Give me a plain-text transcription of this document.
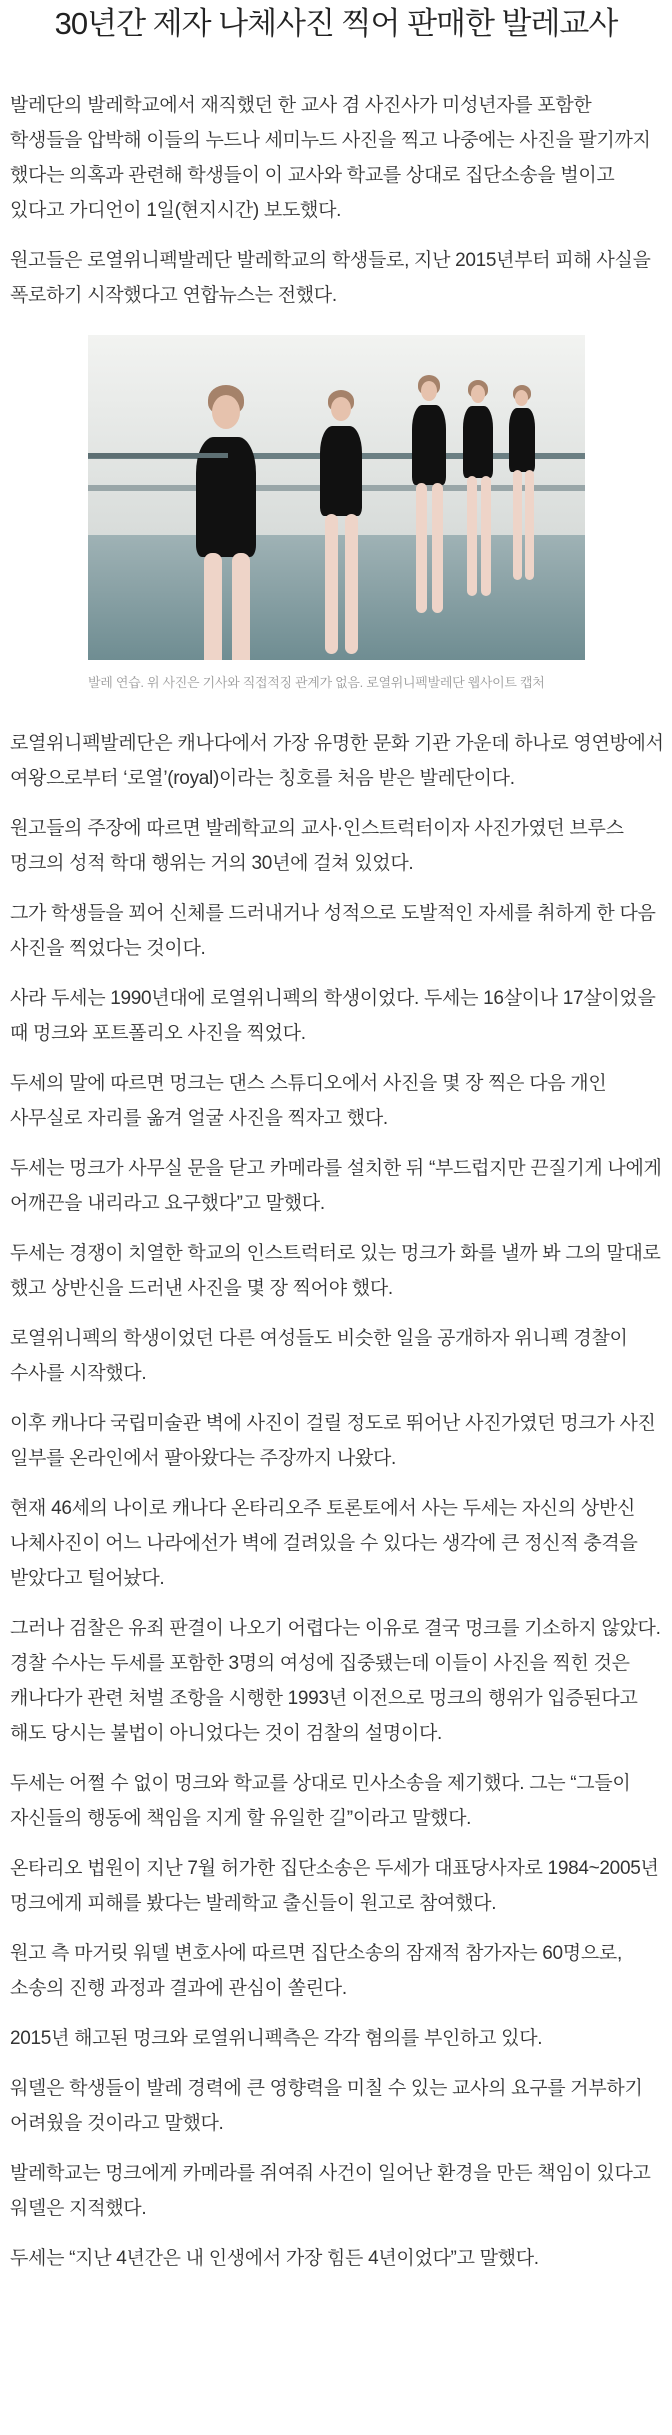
30년간 제자 나체사진 찍어 판매한 발레교사

발레단의 발레학교에서 재직했던 한 교사 겸 사진사가 미성년자를 포함한 학생들을 압박해 이들의 누드나 세미누드 사진을 찍고 나중에는 사진을 팔기까지 했다는 의혹과 관련해 학생들이 이 교사와 학교를 상대로 집단소송을 벌이고 있다고 가디언이 1일(현지시간) 보도했다.

원고들은 로열위니펙발레단 발레학교의 학생들로, 지난 2015년부터 피해 사실을 폭로하기 시작했다고 연합뉴스는 전했다.

발레 연습. 위 사진은 기사와 직접적징 관계가 없음. 로열위니펙발레단 웹사이트 캡처

로열위니펙발레단은 캐나다에서 가장 유명한 문화 기관 가운데 하나로 영연방에서 여왕으로부터 ‘로열’(royal)이라는 칭호를 처음 받은 발레단이다.

원고들의 주장에 따르면 발레학교의 교사·인스트럭터이자 사진가였던 브루스 멍크의 성적 학대 행위는 거의 30년에 걸쳐 있었다.

그가 학생들을 꾀어 신체를 드러내거나 성적으로 도발적인 자세를 취하게 한 다음 사진을 찍었다는 것이다.

사라 두세는 1990년대에 로열위니펙의 학생이었다. 두세는 16살이나 17살이었을 때 멍크와 포트폴리오 사진을 찍었다.

두세의 말에 따르면 멍크는 댄스 스튜디오에서 사진을 몇 장 찍은 다음 개인 사무실로 자리를 옮겨 얼굴 사진을 찍자고 했다.

두세는 멍크가 사무실 문을 닫고 카메라를 설치한 뒤 “부드럽지만 끈질기게 나에게 어깨끈을 내리라고 요구했다”고 말했다.

두세는 경쟁이 치열한 학교의 인스트럭터로 있는 멍크가 화를 낼까 봐 그의 말대로 했고 상반신을 드러낸 사진을 몇 장 찍어야 했다.

로열위니펙의 학생이었던 다른 여성들도 비슷한 일을 공개하자 위니펙 경찰이 수사를 시작했다.

이후 캐나다 국립미술관 벽에 사진이 걸릴 정도로 뛰어난 사진가였던 멍크가 사진 일부를 온라인에서 팔아왔다는 주장까지 나왔다.

현재 46세의 나이로 캐나다 온타리오주 토론토에서 사는 두세는 자신의 상반신 나체사진이 어느 나라에선가 벽에 걸려있을 수 있다는 생각에 큰 정신적 충격을 받았다고 털어놨다.

그러나 검찰은 유죄 판결이 나오기 어렵다는 이유로 결국 멍크를 기소하지 않았다. 경찰 수사는 두세를 포함한 3명의 여성에 집중됐는데 이들이 사진을 찍힌 것은 캐나다가 관련 처벌 조항을 시행한 1993년 이전으로 멍크의 행위가 입증된다고 해도 당시는 불법이 아니었다는 것이 검찰의 설명이다.

두세는 어쩔 수 없이 멍크와 학교를 상대로 민사소송을 제기했다. 그는 “그들이 자신들의 행동에 책임을 지게 할 유일한 길”이라고 말했다.

온타리오 법원이 지난 7월 허가한 집단소송은 두세가 대표당사자로 1984~2005년 멍크에게 피해를 봤다는 발레학교 출신들이 원고로 참여했다.

원고 측 마거릿 워델 변호사에 따르면 집단소송의 잠재적 참가자는 60명으로, 소송의 진행 과정과 결과에 관심이 쏠린다.

2015년 해고된 멍크와 로열위니펙측은 각각 혐의를 부인하고 있다.

워델은 학생들이 발레 경력에 큰 영향력을 미칠 수 있는 교사의 요구를 거부하기 어려웠을 것이라고 말했다.

발레학교는 멍크에게 카메라를 쥐여줘 사건이 일어난 환경을 만든 책임이 있다고 워델은 지적했다.

두세는 “지난 4년간은 내 인생에서 가장 힘든 4년이었다”고 말했다.
